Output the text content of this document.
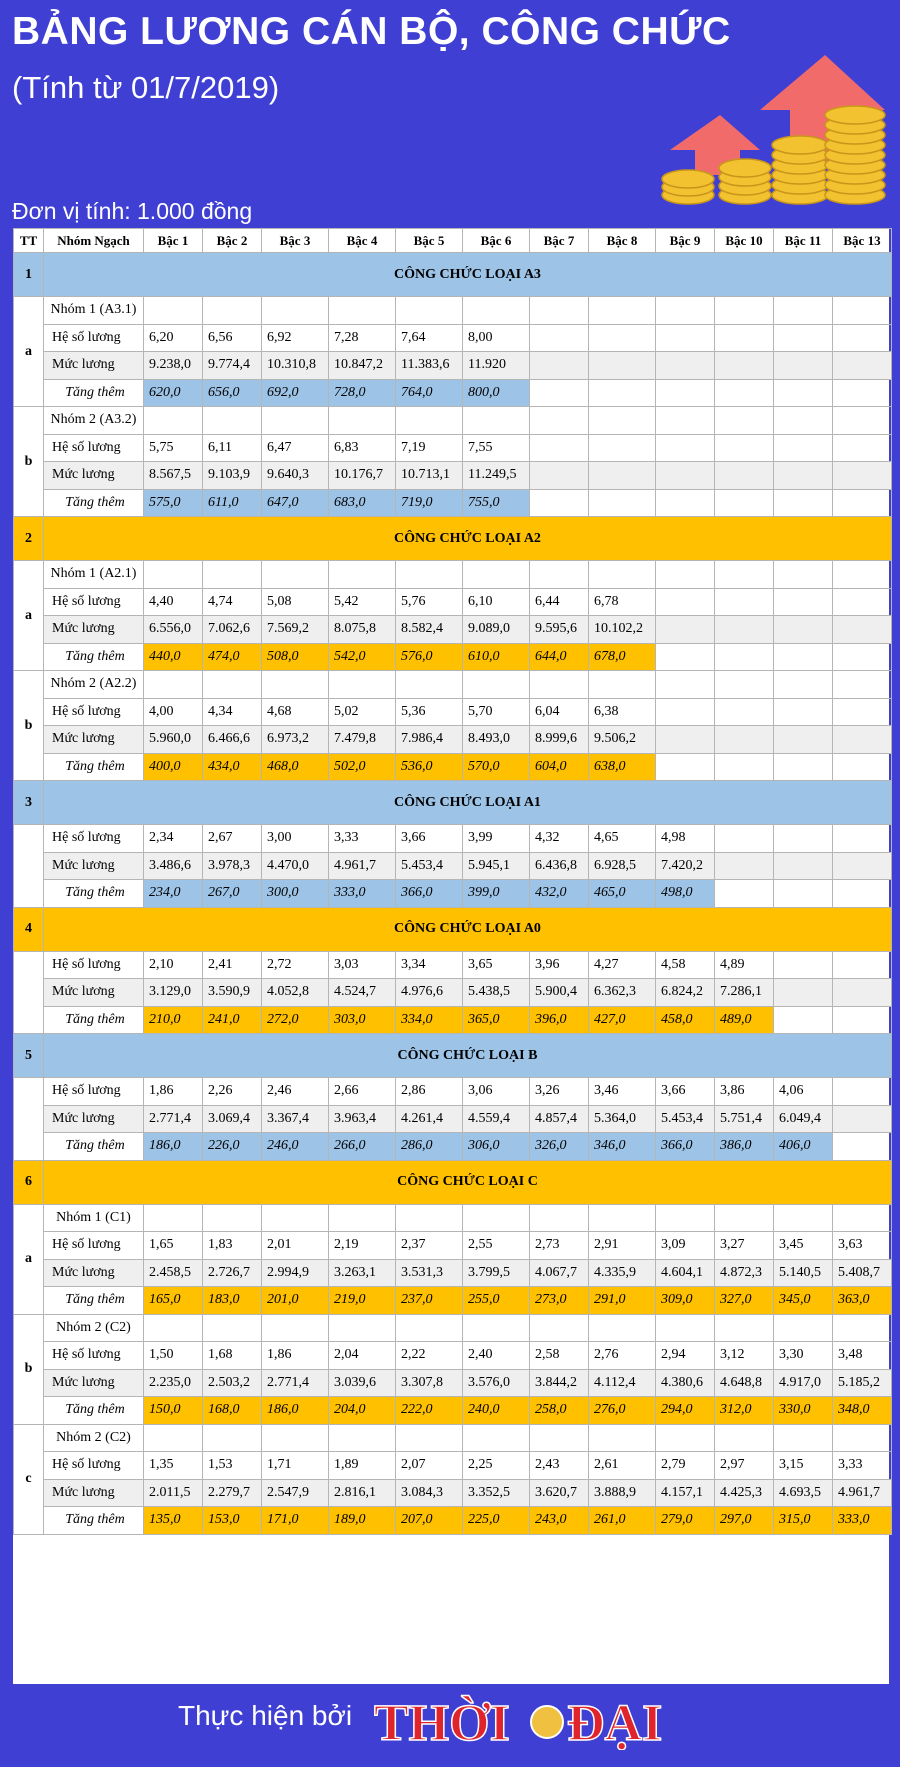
BẢNG LƯƠNG CÁN BỘ, CÔNG CHỨC
(Tính từ 01/7/2019)
Đơn vị tính: 1.000 đồng
TT	Nhóm Ngạch	Bậc 1	Bậc 2	Bậc 3	Bậc 4	Bậc 5	Bậc 6	Bậc 7	Bậc 8	Bậc 9	Bậc 10	Bậc 11	Bậc 13
1	CÔNG CHỨC LOẠI A3												
a	Nhóm 1 (A3.1)												
	Hệ số lương	6,20	6,56	6,92	7,28	7,64	8,00						
	Mức lương	9.238,0	9.774,4	10.310,8	10.847,2	11.383,6	11.920						
	Tăng thêm	620,0	656,0	692,0	728,0	764,0	800,0						
b	Nhóm 2 (A3.2)												
	Hệ số lương	5,75	6,11	6,47	6,83	7,19	7,55						
	Mức lương	8.567,5	9.103,9	9.640,3	10.176,7	10.713,1	11.249,5						
	Tăng thêm	575,0	611,0	647,0	683,0	719,0	755,0						
2	CÔNG CHỨC LOẠI A2												
a	Nhóm 1 (A2.1)												
	Hệ số lương	4,40	4,74	5,08	5,42	5,76	6,10	6,44	6,78				
	Mức lương	6.556,0	7.062,6	7.569,2	8.075,8	8.582,4	9.089,0	9.595,6	10.102,2				
	Tăng thêm	440,0	474,0	508,0	542,0	576,0	610,0	644,0	678,0				
b	Nhóm 2 (A2.2)												
	Hệ số lương	4,00	4,34	4,68	5,02	5,36	5,70	6,04	6,38				
	Mức lương	5.960,0	6.466,6	6.973,2	7.479,8	7.986,4	8.493,0	8.999,6	9.506,2				
	Tăng thêm	400,0	434,0	468,0	502,0	536,0	570,0	604,0	638,0				
3	CÔNG CHỨC LOẠI A1												
	Hệ số lương	2,34	2,67	3,00	3,33	3,66	3,99	4,32	4,65	4,98			
	Mức lương	3.486,6	3.978,3	4.470,0	4.961,7	5.453,4	5.945,1	6.436,8	6.928,5	7.420,2			
	Tăng thêm	234,0	267,0	300,0	333,0	366,0	399,0	432,0	465,0	498,0			
4	CÔNG CHỨC LOẠI A0												
	Hệ số lương	2,10	2,41	2,72	3,03	3,34	3,65	3,96	4,27	4,58	4,89		
	Mức lương	3.129,0	3.590,9	4.052,8	4.524,7	4.976,6	5.438,5	5.900,4	6.362,3	6.824,2	7.286,1		
	Tăng thêm	210,0	241,0	272,0	303,0	334,0	365,0	396,0	427,0	458,0	489,0		
5	CÔNG CHỨC LOẠI B												
	Hệ số lương	1,86	2,26	2,46	2,66	2,86	3,06	3,26	3,46	3,66	3,86	4,06	
	Mức lương	2.771,4	3.069,4	3.367,4	3.963,4	4.261,4	4.559,4	4.857,4	5.364,0	5.453,4	5.751,4	6.049,4	
	Tăng thêm	186,0	226,0	246,0	266,0	286,0	306,0	326,0	346,0	366,0	386,0	406,0	
6	CÔNG CHỨC LOẠI C												
a	Nhóm 1 (C1)												
	Hệ số lương	1,65	1,83	2,01	2,19	2,37	2,55	2,73	2,91	3,09	3,27	3,45	3,63
	Mức lương	2.458,5	2.726,7	2.994,9	3.263,1	3.531,3	3.799,5	4.067,7	4.335,9	4.604,1	4.872,3	5.140,5	5.408,7
	Tăng thêm	165,0	183,0	201,0	219,0	237,0	255,0	273,0	291,0	309,0	327,0	345,0	363,0
b	Nhóm 2 (C2)												
	Hệ số lương	1,50	1,68	1,86	2,04	2,22	2,40	2,58	2,76	2,94	3,12	3,30	3,48
	Mức lương	2.235,0	2.503,2	2.771,4	3.039,6	3.307,8	3.576,0	3.844,2	4.112,4	4.380,6	4.648,8	4.917,0	5.185,2
	Tăng thêm	150,0	168,0	186,0	204,0	222,0	240,0	258,0	276,0	294,0	312,0	330,0	348,0
c	Nhóm 2 (C2)												
	Hệ số lương	1,35	1,53	1,71	1,89	2,07	2,25	2,43	2,61	2,79	2,97	3,15	3,33
	Mức lương	2.011,5	2.279,7	2.547,9	2.816,1	3.084,3	3.352,5	3.620,7	3.888,9	4.157,1	4.425,3	4.693,5	4.961,7
	Tăng thêm	135,0	153,0	171,0	189,0	207,0	225,0	243,0	261,0	279,0	297,0	315,0	333,0
Thực hiện bởi THỜI ĐẠI
